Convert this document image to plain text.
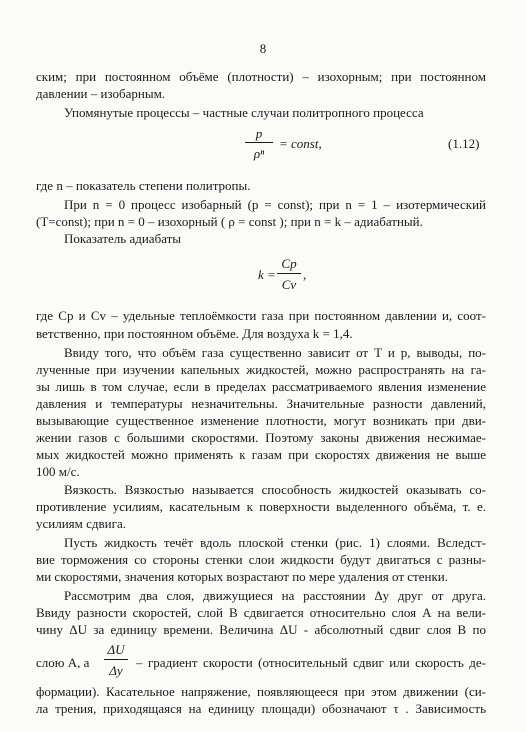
8
ским; при постоянном объёме (плотности) – изохорным; при постоянном
давлении – изобарным.
Упомянутые процессы – частные случаи политропного процесса
p
ρⁿ
= const,	(1.12)
где n – показатель степени политропы.
При n = 0 процесс изобарный (p = const); при n = 1 – изотермический
(T=const); при n = 0 – изохорный ( ρ = const ); при n = k – адиабатный.
Показатель адиабаты
k =
Cp
Cv
,
где Cp и Cv – удельные теплоёмкости газа при постоянном давлении и, соот-
ветственно, при постоянном объёме. Для воздуха k = 1,4.
Ввиду того, что объём газа существенно зависит от T и p, выводы, по-
лученные при изучении капельных жидкостей, можно распространять на га-
зы лишь в том случае, если в пределах рассматриваемого явления изменение
давления и температуры незначительны. Значительные разности давлений,
вызывающие существенное изменение плотности, могут возникать при дви-
жении газов с большими скоростями. Поэтому законы движения несжимае-
мых жидкостей можно применять к газам при скоростях движения не выше
100 м/с.
Вязкость. Вязкостью называется способность жидкостей оказывать со-
противление усилиям, касательным к поверхности выделенного объёма, т. е.
усилиям сдвига.
Пусть жидкость течёт вдоль плоской стенки (рис. 1) слоями. Вследст-
вие торможения со стороны стенки слои жидкости будут двигаться с разны-
ми скоростями, значения которых возрастают по мере удаления от стенки.
Рассмотрим два слоя, движущиеся на расстоянии Δy друг от друга.
Ввиду разности скоростей, слой В сдвигается относительно слоя А на вели-
чину ΔU за единицу времени. Величина ΔU - абсолютный сдвиг слоя В по
слою А, а
ΔU
Δy
– градиент скорости (относительный сдвиг или скорость де-
формации). Касательное напряжение, появляющееся при этом движении (си-
ла трения, приходящаяся на единицу площади) обозначают τ . Зависимость
